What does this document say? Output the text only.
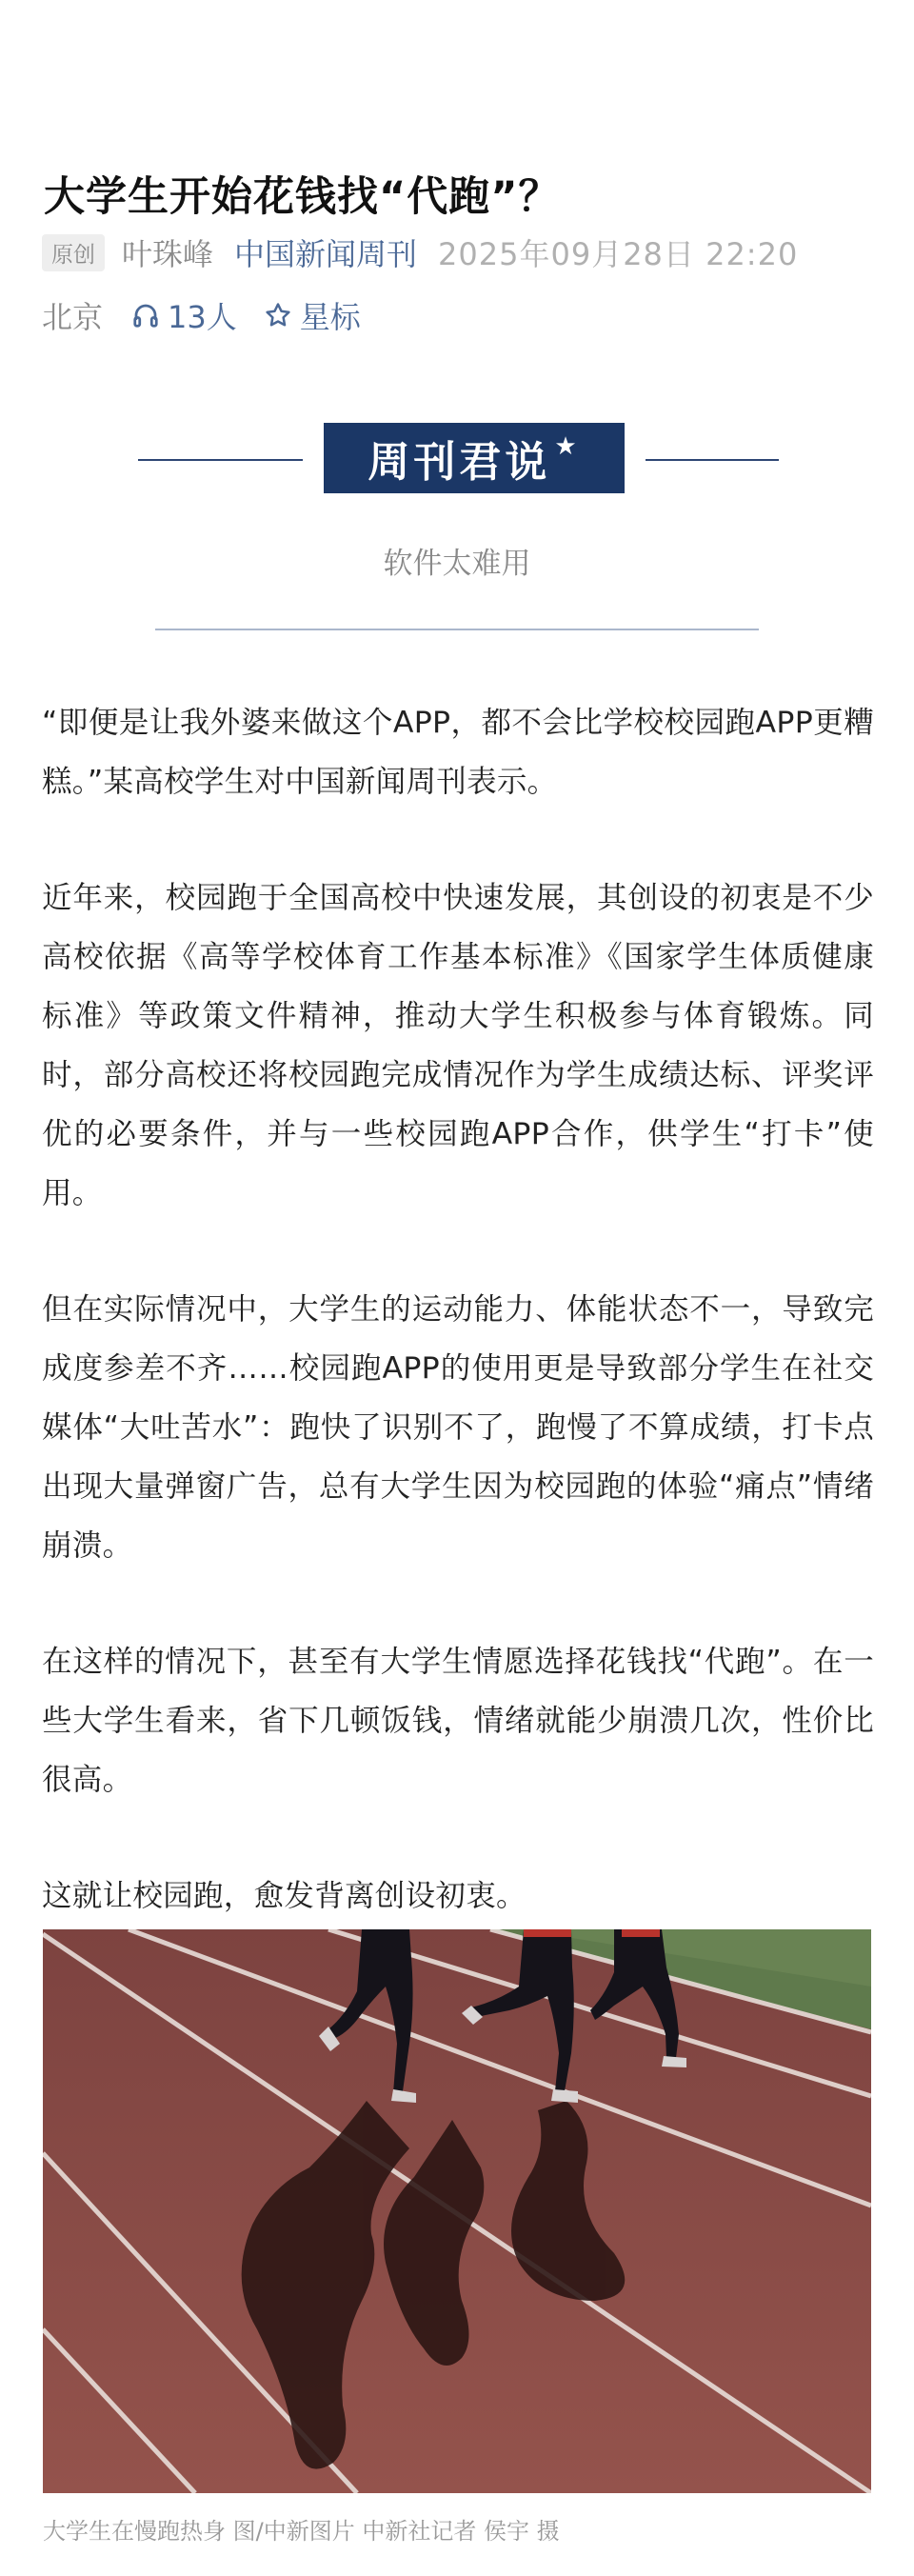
大学生开始花钱找“代跑”？
原创 叶珠峰 中国新闻周刊 2025年09月28日 22:20
北京 13人 星标
周刊君说 ★
软件太难用

“即便是让我外婆来做这个APP，都不会比学校校园跑APP更糟糕。”某高校学生对中国新闻周刊表示。

近年来，校园跑于全国高校中快速发展，其创设的初衷是不少高校依据《高等学校体育工作基本标准》《国家学生体质健康标准》等政策文件精神，推动大学生积极参与体育锻炼。同时，部分高校还将校园跑完成情况作为学生成绩达标、评奖评优的必要条件，并与一些校园跑APP合作，供学生“打卡”使用。

但在实际情况中，大学生的运动能力、体能状态不一，导致完成度参差不齐……校园跑APP的使用更是导致部分学生在社交媒体“大吐苦水”：跑快了识别不了，跑慢了不算成绩，打卡点出现大量弹窗广告，总有大学生因为校园跑的体验“痛点”情绪崩溃。

在这样的情况下，甚至有大学生情愿选择花钱找“代跑”。在一些大学生看来，省下几顿饭钱，情绪就能少崩溃几次，性价比很高。

这就让校园跑，愈发背离创设初衷。

大学生在慢跑热身 图/中新图片 中新社记者 侯宇 摄
